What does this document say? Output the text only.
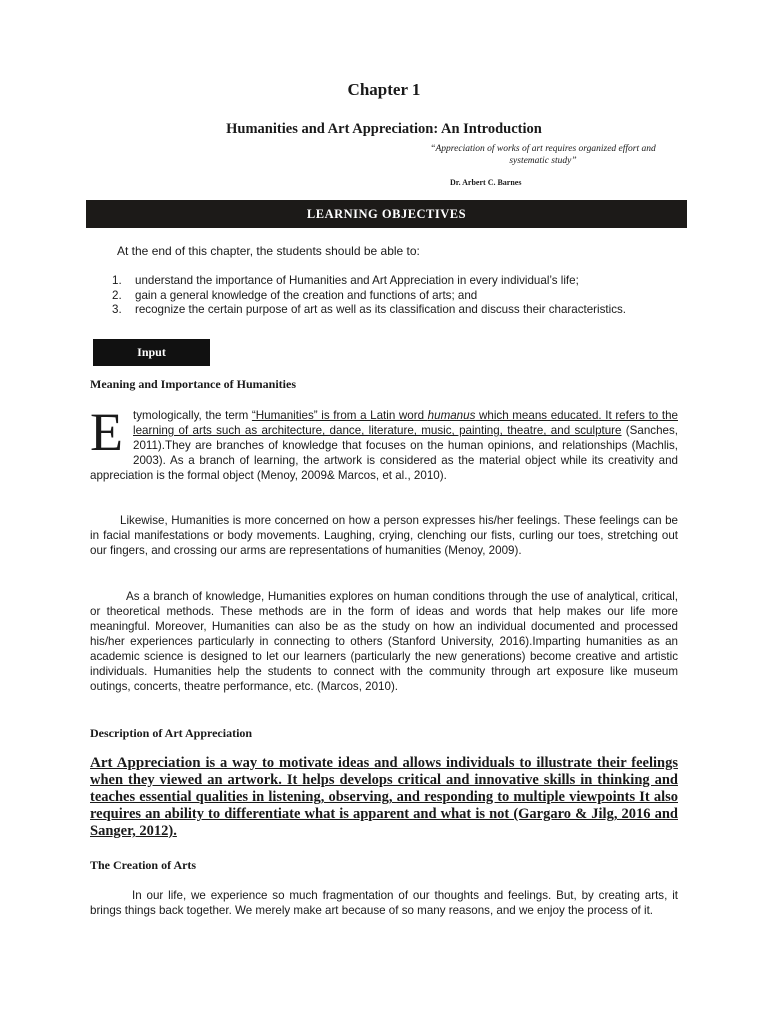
Chapter 1
Humanities and Art Appreciation: An Introduction
“Appreciation of works of art requires organized effort and systematic study”
Dr. Arbert C. Barnes
LEARNING OBJECTIVES
At the end of this chapter, the students should be able to:
1. understand the importance of Humanities and Art Appreciation in every individual’s life;
2. gain a general knowledge of the creation and functions of arts; and
3. recognize the certain purpose of art as well as its classification and discuss their characteristics.
Input
Meaning and Importance of Humanities

Etymologically, the term “Humanities” is from a Latin word humanus which means educated. It refers to the learning of arts such as architecture, dance, literature, music, painting, theatre, and sculpture (Sanches, 2011).They are branches of knowledge that focuses on the human opinions, and relationships (Machlis, 2003). As a branch of learning, the artwork is considered as the material object while its creativity and appreciation is the formal object (Menoy, 2009& Marcos, et al., 2010).

Likewise, Humanities is more concerned on how a person expresses his/her feelings. These feelings can be in facial manifestations or body movements. Laughing, crying, clenching our fists, curling our toes, stretching out our fingers, and crossing our arms are representations of humanities (Menoy, 2009).

As a branch of knowledge, Humanities explores on human conditions through the use of analytical, critical, or theoretical methods. These methods are in the form of ideas and words that help makes our life more meaningful. Moreover, Humanities can also be as the study on how an individual documented and processed his/her experiences particularly in connecting to others (Stanford University, 2016).Imparting humanities as an academic science is designed to let our learners (particularly the new generations) become creative and artistic individuals. Humanities help the students to connect with the community through art exposure like museum outings, concerts, theatre performance, etc. (Marcos, 2010).

Description of Art Appreciation

Art Appreciation is a way to motivate ideas and allows individuals to illustrate their feelings when they viewed an artwork. It helps develops critical and innovative skills in thinking and teaches essential qualities in listening, observing, and responding to multiple viewpoints It also requires an ability to differentiate what is apparent and what is not (Gargaro & Jilg, 2016 and Sanger, 2012).

The Creation of Arts

In our life, we experience so much fragmentation of our thoughts and feelings. But, by creating arts, it brings things back together. We merely make art because of so many reasons, and we enjoy the process of it.
